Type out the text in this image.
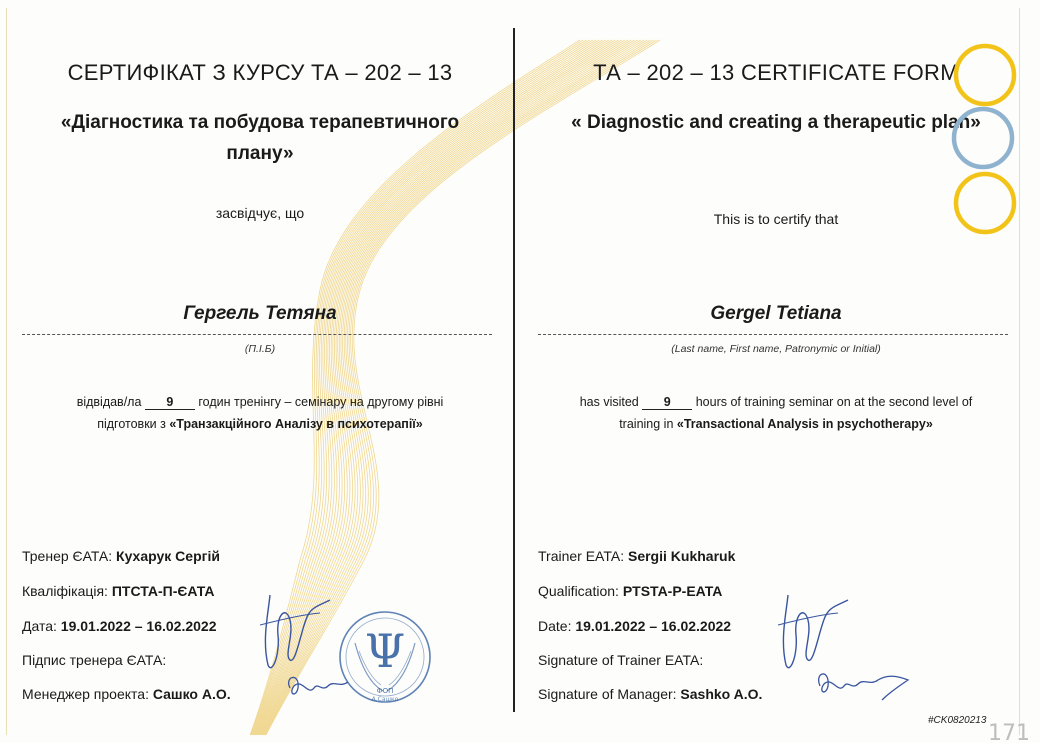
СЕРТИФІКАТ З КУРСУ ТА – 202 – 13
«Діагностика та побудова терапевтичного
плану»
засвідчує, що
Гергель Тетяна
(П.І.Б)
відвідав/ла 9 годин тренінгу – семінару на другому рівні
підготовки з «Транзакційного Аналізу в психотерапії»
Тренер ЄАТА: Кухарук Сергій
Кваліфікація: ПТСТА-П-ЄАТА
Дата: 19.01.2022 – 16.02.2022
Підпис тренера ЄАТА:
Менеджер проекта: Сашко А.О.
ТА – 202 – 13 CERTIFICATE FORM
« Diagnostic and creating a therapeutic plan»
This is to certify that
Gergel Tetiana
(Last name, First name, Patronymic or Initial)
has visited 9 hours of training seminar on at the second level of
training in «Transactional Analysis in psychotherapy»
Trainer EATA: Sergii Kukharuk
Qualification: PTSTA-P-EATA
Date: 19.01.2022 – 16.02.2022
Signature of Trainer EATA:
Signature of Manager: Sashko A.O.
Ψ
ФОП
А.Сашко
#CK0820213
171
